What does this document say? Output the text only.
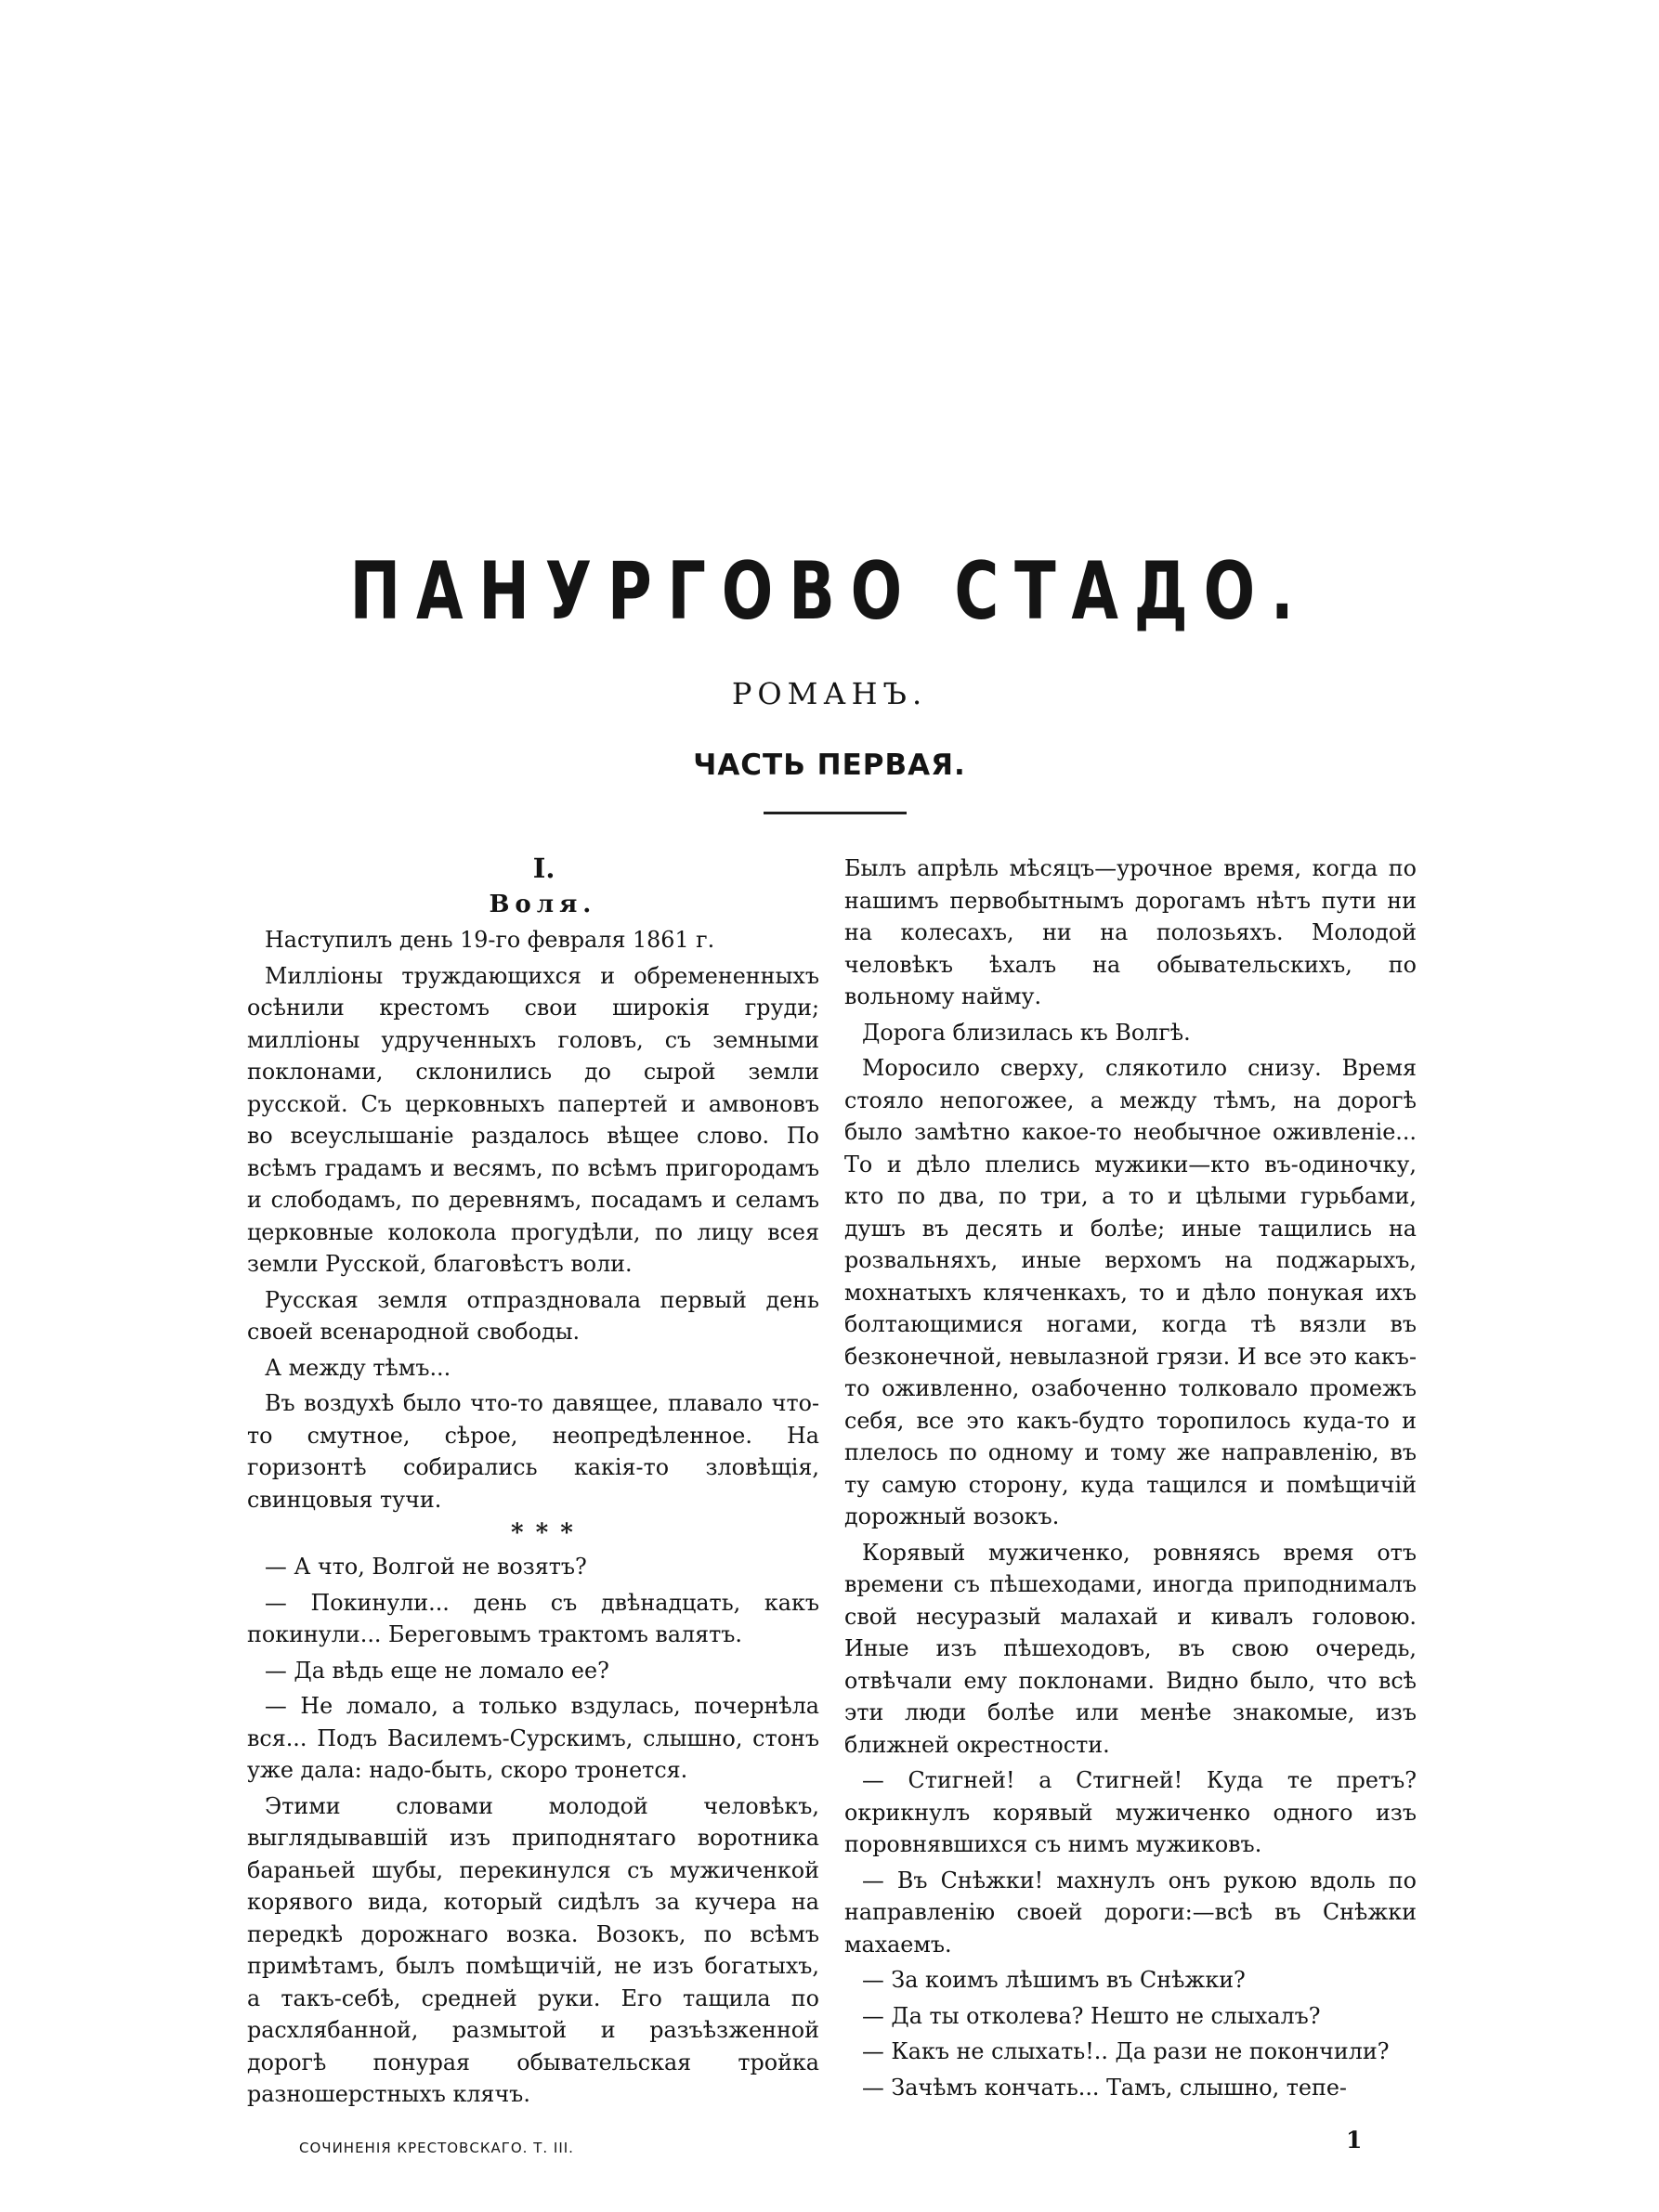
ПАНУРГОВО СТАДО.
РОМАНЪ.
ЧАСТЬ ПЕРВАЯ.

I.

Воля.

Наступилъ день 19-го февраля 1861 г.

Милліоны труждающихся и обремененныхъ осѣнили крестомъ свои широкія груди; милліоны удрученныхъ головъ, съ земными поклонами, склонились до сырой земли русской. Съ церковныхъ папертей и амвоновъ во всеуслышаніе раздалось вѣщее слово. По всѣмъ градамъ и весямъ, по всѣмъ пригородамъ и слободамъ, по деревнямъ, посадамъ и селамъ церковные колокола прогудѣли, по лицу всея земли Русской, благовѣстъ воли.

Русская земля отпраздновала первый день своей всенародной свободы.

А между тѣмъ...

Въ воздухѣ было что-то давящее, плавало что-то смутное, сѣрое, неопредѣленное. На горизонтѣ собирались какія-то зловѣщія, свинцовыя тучи.

* * *

— А что, Волгой не возятъ?

— Покинули... день съ двѣнадцать, какъ покинули... Береговымъ трактомъ валятъ.

— Да вѣдь еще не ломало ее?

— Не ломало, а только вздулась, почернѣла вся... Подъ Василемъ-Сурскимъ, слышно, стонъ уже дала: надо-быть, скоро тронется.

Этими словами молодой человѣкъ, выглядывавшій изъ приподнятаго воротника бараньей шубы, перекинулся съ мужиченкой корявого вида, который сидѣлъ за кучера на передкѣ дорожнаго возка. Возокъ, по всѣмъ примѣтамъ, былъ помѣщичій, не изъ богатыхъ, а такъ-себѣ, средней руки. Его тащила по расхлябанной, размытой и разъѣзженной дорогѣ понурая обывательская тройка разношерстныхъ клячъ.

Былъ апрѣль мѣсяцъ—урочное время, когда по нашимъ первобытнымъ дорогамъ нѣтъ пути ни на колесахъ, ни на полозьяхъ. Молодой человѣкъ ѣхалъ на обывательскихъ, по вольному найму.

Дорога близилась къ Волгѣ.

Моросило сверху, слякотило снизу. Время стояло непогожее, а между тѣмъ, на дорогѣ было замѣтно какое-то необычное оживленіе... То и дѣло плелись мужики—кто въ-одиночку, кто по два, по три, а то и цѣлыми гурьбами, душъ въ десять и болѣе; иные тащились на розвальняхъ, иные верхомъ на поджарыхъ, мохнатыхъ кляченкахъ, то и дѣло понукая ихъ болтающимися ногами, когда тѣ вязли въ безконечной, невылазной грязи. И все это какъ-то оживленно, озабоченно толковало промежъ себя, все это какъ-будто торопилось куда-то и плелось по одному и тому же направленію, въ ту самую сторону, куда тащился и помѣщичій дорожный возокъ.

Корявый мужиченко, ровняясь время отъ времени съ пѣшеходами, иногда приподнималъ свой несуразый малахай и кивалъ головою. Иные изъ пѣшеходовъ, въ свою очередь, отвѣчали ему поклонами. Видно было, что всѣ эти люди болѣе или менѣе знакомые, изъ ближней окрестности.

— Стигней! а Стигней! Куда те претъ? окрикнулъ корявый мужиченко одного изъ поровнявшихся съ нимъ мужиковъ.

— Въ Снѣжки! махнулъ онъ рукою вдоль по направленію своей дороги:—всѣ въ Снѣжки махаемъ.

— За коимъ лѣшимъ въ Снѣжки?

— Да ты отколева? Нешто не слыхалъ?

— Какъ не слыхать!.. Да рази не покончили?

— Зачѣмъ кончать... Тамъ, слышно, тепе-

СОЧИНЕНІЯ КРЕСТОВСКАГО. Т. III.	1
